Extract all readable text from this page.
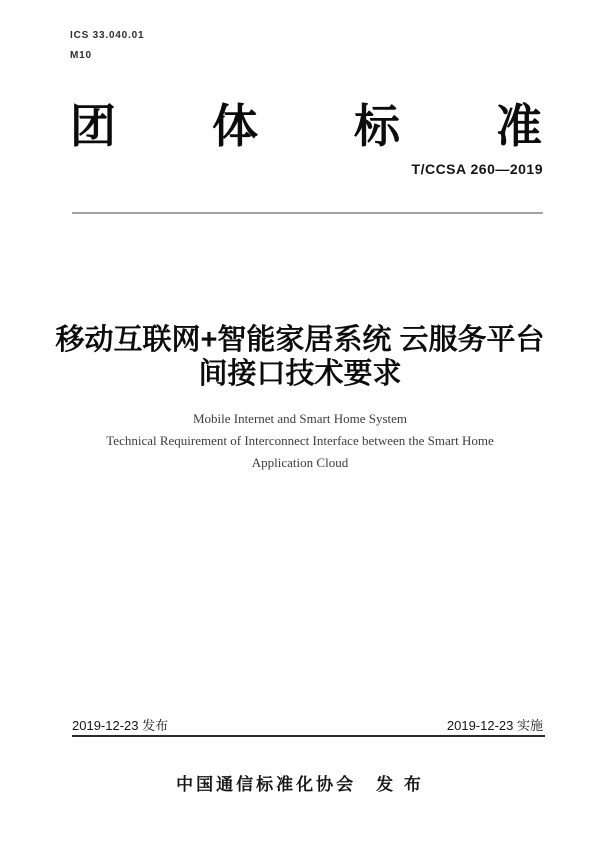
ICS 33.040.01
M10
团 体 标 准
T/CCSA 260—2019
移动互联网+智能家居系统 云服务平台
间接口技术要求
Mobile Internet and Smart Home System
Technical Requirement of Interconnect Interface between the Smart Home
Application Cloud
2019-12-23 发布	2019-12-23 实施
中国通信标准化协会　发 布
